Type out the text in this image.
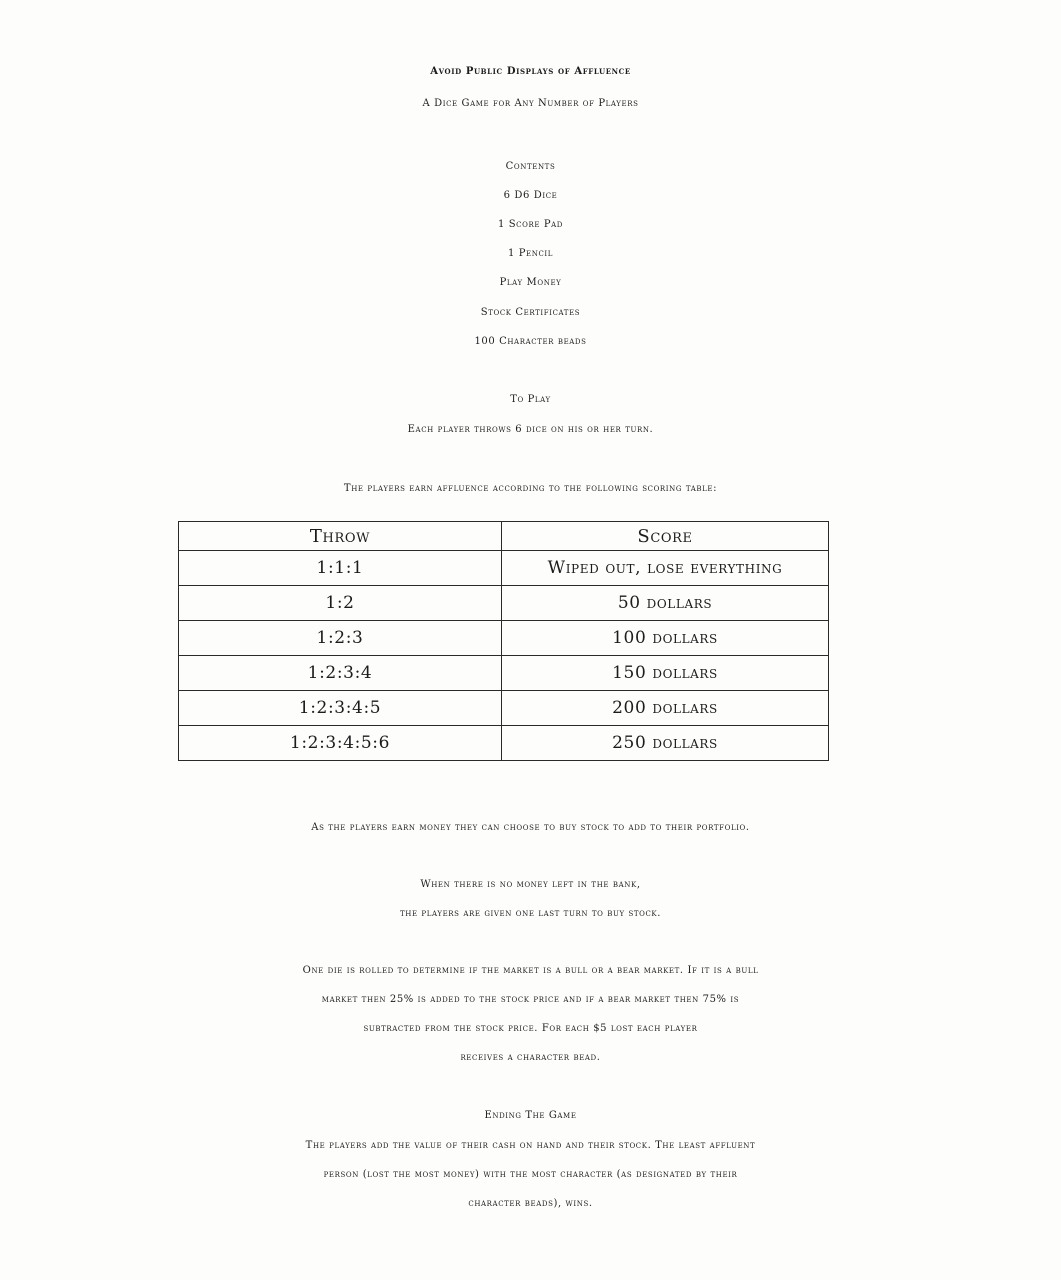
Avoid Public Displays of Affluence
A Dice Game for Any Number of Players
Contents
6 D6 Dice
1 Score Pad
1 Pencil
Play Money
Stock Certificates
100 Character beads
To Play
Each player throws 6 dice on his or her turn.
The players earn affluence according to the following scoring table:
Throw	Score
1:1:1	Wiped out, lose everything
1:2	50 dollars
1:2:3	100 dollars
1:2:3:4	150 dollars
1:2:3:4:5	200 dollars
1:2:3:4:5:6	250 dollars
As the players earn money they can choose to buy stock to add to their portfolio.
When there is no money left in the bank,
the players are given one last turn to buy stock.
One die is rolled to determine if the market is a bull or a bear market. If it is a bull
market then 25% is added to the stock price and if a bear market then 75% is
subtracted from the stock price. For each $5 lost each player
receives a character bead.
Ending The Game
The players add the value of their cash on hand and their stock. The least affluent
person (lost the most money) with the most character (as designated by their
character beads), wins.
